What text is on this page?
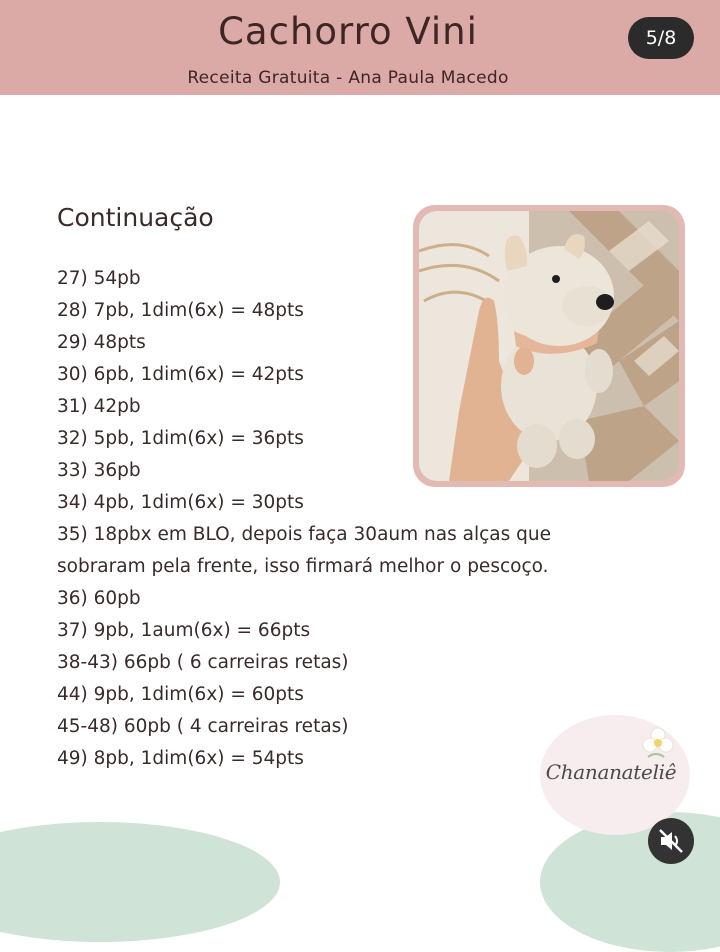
Cachorro Vini
Receita Gratuita - Ana Paula Macedo
5/8
Continuação
27) 54pb
28) 7pb, 1dim(6x) = 48pts
29) 48pts
30) 6pb, 1dim(6x) = 42pts
31) 42pb
32) 5pb, 1dim(6x) = 36pts
33) 36pb
34) 4pb, 1dim(6x) = 30pts
35) 18pbx em BLO, depois faça 30aum nas alças que
sobraram pela frente, isso firmará melhor o pescoço.
36) 60pb
37) 9pb, 1aum(6x) = 66pts
38-43) 66pb ( 6 carreiras retas)
44) 9pb, 1dim(6x) = 60pts
45-48) 60pb ( 4 carreiras retas)
49) 8pb, 1dim(6x) = 54pts
Chananateliê
